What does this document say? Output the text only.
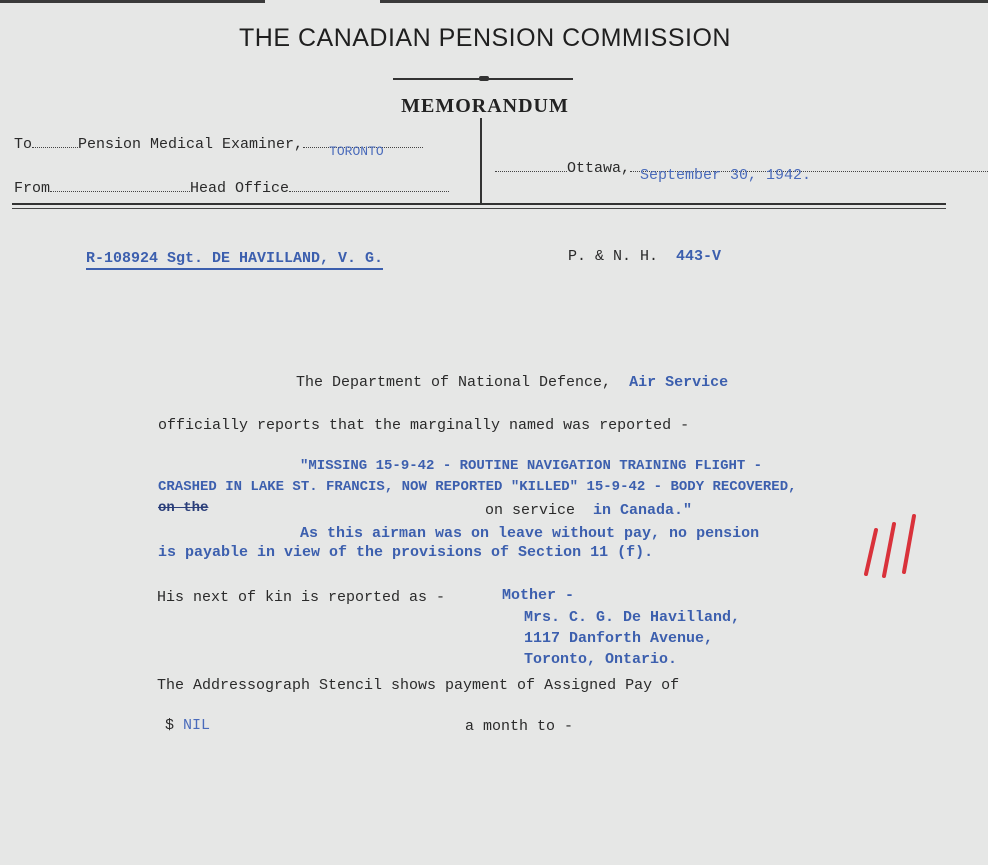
THE CANADIAN PENSION COMMISSION
MEMORANDUM
To	Pension Medical Examiner, TORONTO
From	Head Office
Ottawa, September 30, 1942.
R-108924 Sgt. DE HAVILLAND, V. G.	P. & N. H. 443-V
The Department of National Defence, Air Service
officially reports that the marginally named was reported -
"MISSING 15-9-42 - ROUTINE NAVIGATION TRAINING FLIGHT -
CRASHED IN LAKE ST. FRANCIS, NOW REPORTED "KILLED" 15-9-42 - BODY RECOVERED,
on the	on service in Canada."
As this airman was on leave without pay, no pension
is payable in view of the provisions of Section 11 (f).
His next of kin is reported as -	Mother -
Mrs. C. G. De Havilland,
1117 Danforth Avenue,
Toronto, Ontario.
The Addressograph Stencil shows payment of Assigned Pay of
$ NIL	a month to -
